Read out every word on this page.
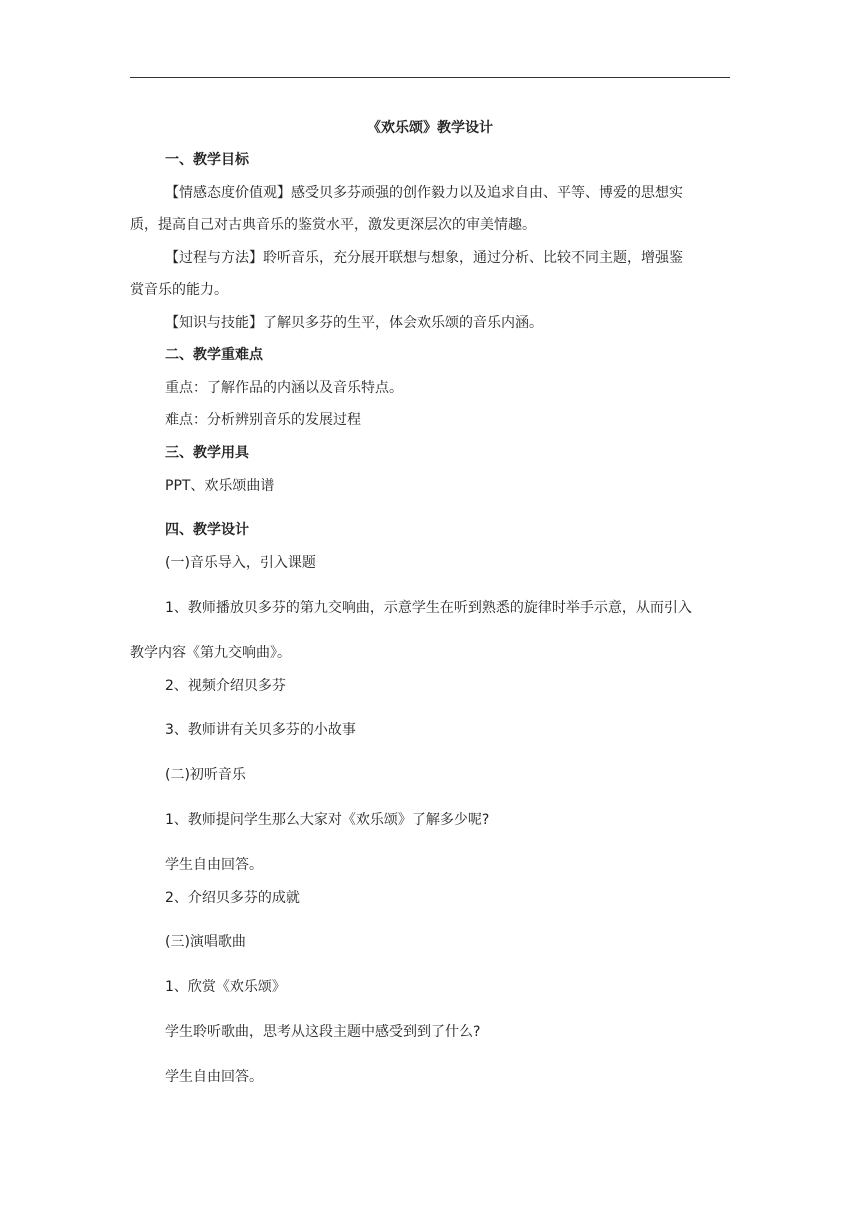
《欢乐颂》教学设计
一、教学目标
【情感态度价值观】感受贝多芬顽强的创作毅力以及追求自由、平等、博爱的思想实
质，提高自己对古典音乐的鉴赏水平，激发更深层次的审美情趣。
【过程与方法】聆听音乐，充分展开联想与想象，通过分析、比较不同主题，增强鉴
赏音乐的能力。
【知识与技能】了解贝多芬的生平，体会欢乐颂的音乐内涵。
二、教学重难点
重点：了解作品的内涵以及音乐特点。
难点：分析辨别音乐的发展过程
三、教学用具
PPT、欢乐颂曲谱
四、教学设计
(一)音乐导入，引入课题
1、教师播放贝多芬的第九交响曲，示意学生在听到熟悉的旋律时举手示意，从而引入
教学内容《第九交响曲》。
2、视频介绍贝多芬
3、教师讲有关贝多芬的小故事
(二)初听音乐
1、教师提问学生那么大家对《欢乐颂》了解多少呢?
学生自由回答。
2、介绍贝多芬的成就
(三)演唱歌曲
1、欣赏《欢乐颂》
学生聆听歌曲，思考从这段主题中感受到到了什么?
学生自由回答。
